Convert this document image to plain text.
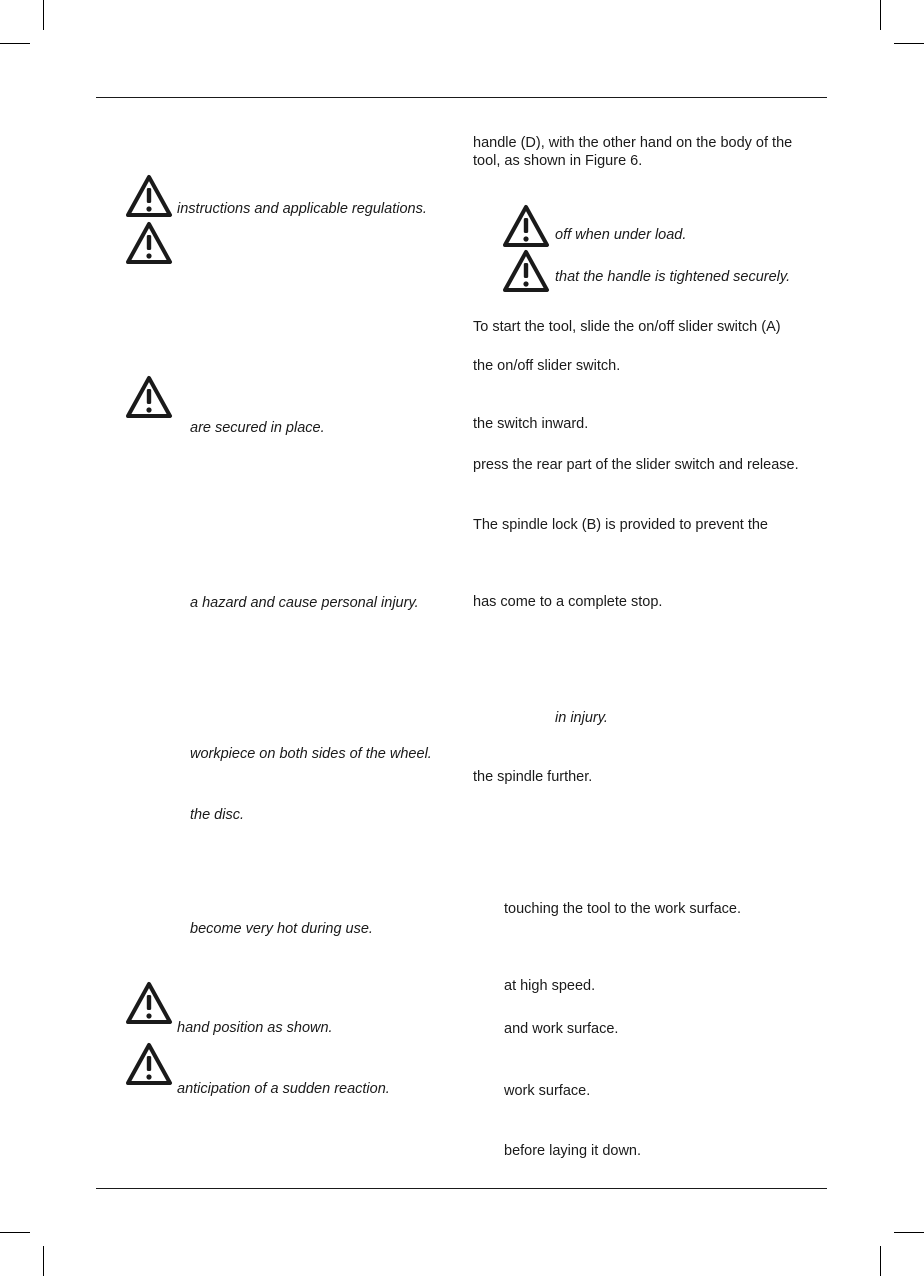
instructions and applicable regulations.
are secured in place.
a hazard and cause personal injury.
workpiece on both sides of the wheel.
the disc.
become very hot during use.
hand position as shown.
anticipation of a sudden reaction.
handle (D), with the other hand on the body of the
tool, as shown in Figure 6.
off when under load.
that the handle is tightened securely.
To start the tool, slide the on/off slider switch (A)
the on/off slider switch.
the switch inward.
press the rear part of the slider switch and release.
The spindle lock (B) is provided to prevent the
has come to a complete stop.
in injury.
the spindle further.
touching the tool to the work surface.
at high speed.
and work surface.
work surface.
before laying it down.
